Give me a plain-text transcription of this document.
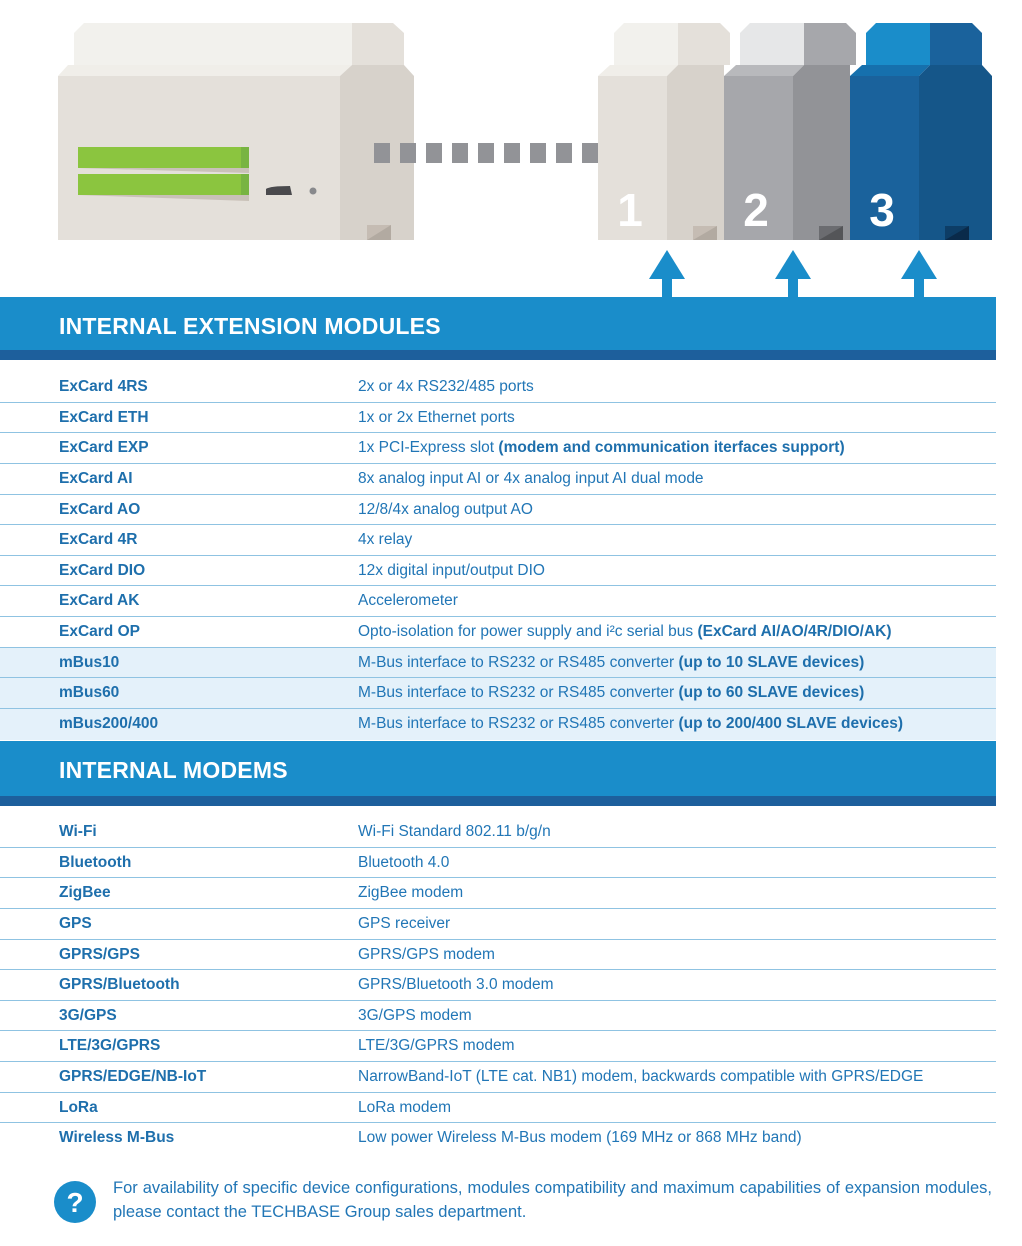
1 2 3
INTERNAL EXTENSION MODULES
ExCard 4RS	2x or 4x RS232/485 ports
ExCard ETH	1x or 2x Ethernet ports
ExCard EXP	1x PCI-Express slot (modem and communication iterfaces support)
ExCard AI	8x analog input AI or 4x analog input AI dual mode
ExCard AO	12/8/4x analog output AO
ExCard 4R	4x relay
ExCard DIO	12x digital input/output DIO
ExCard AK	Accelerometer
ExCard OP	Opto-isolation for power supply and i²c serial bus (ExCard AI/AO/4R/DIO/AK)
mBus10	M-Bus interface to RS232 or RS485 converter (up to 10 SLAVE devices)
mBus60	M-Bus interface to RS232 or RS485 converter (up to 60 SLAVE devices)
mBus200/400	M-Bus interface to RS232 or RS485 converter (up to 200/400 SLAVE devices)
INTERNAL MODEMS
Wi-Fi	Wi-Fi Standard 802.11 b/g/n
Bluetooth	Bluetooth 4.0
ZigBee	ZigBee modem
GPS	GPS receiver
GPRS/GPS	GPRS/GPS modem
GPRS/Bluetooth	GPRS/Bluetooth 3.0 modem
3G/GPS	3G/GPS modem
LTE/3G/GPRS	LTE/3G/GPRS modem
GPRS/EDGE/NB-IoT	NarrowBand-IoT (LTE cat. NB1) modem, backwards compatible with GPRS/EDGE
LoRa	LoRa modem
Wireless M-Bus	Low power Wireless M-Bus modem (169 MHz or 868 MHz band)
? For availability of specific device configurations, modules compatibility and maximum capabilities of expansion modules, please contact the TECHBASE Group sales department.
